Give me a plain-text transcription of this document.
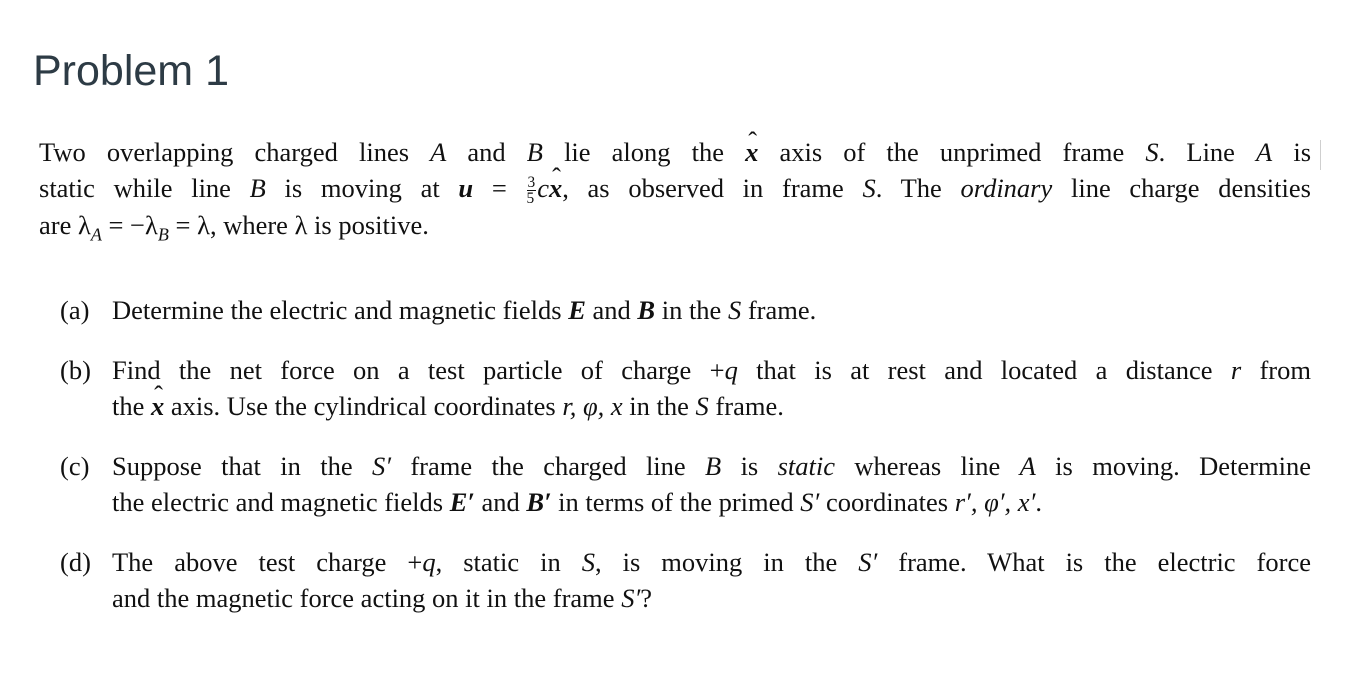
Problem 1

Two overlapping charged lines A and B lie along the x ˆ axis of the unprimed frame S. Line A is
static while line B is moving at $u = \frac{3}{5}$ cx ˆ, as observed in frame S. The ordinary line charge densities
are $\lambda_A = -\lambda_B = \lambda$, where λ is positive.

(a) Determine the electric and magnetic fields E and B in the S frame.
(b) Find the net force on a test particle of charge +q that is at rest and located a distance r from
the x ˆ axis. Use the cylindrical coordinates r, φ, x in the S frame.
(c) Suppose that in the S′ frame the charged line B is static whereas line A is moving. Determine
the electric and magnetic fields E′ and B′ in terms of the primed S′ coordinates r′, φ′, x′.
(d) The above test charge +q, static in S, is moving in the S′ frame. What is the electric force
and the magnetic force acting on it in the frame S′?
